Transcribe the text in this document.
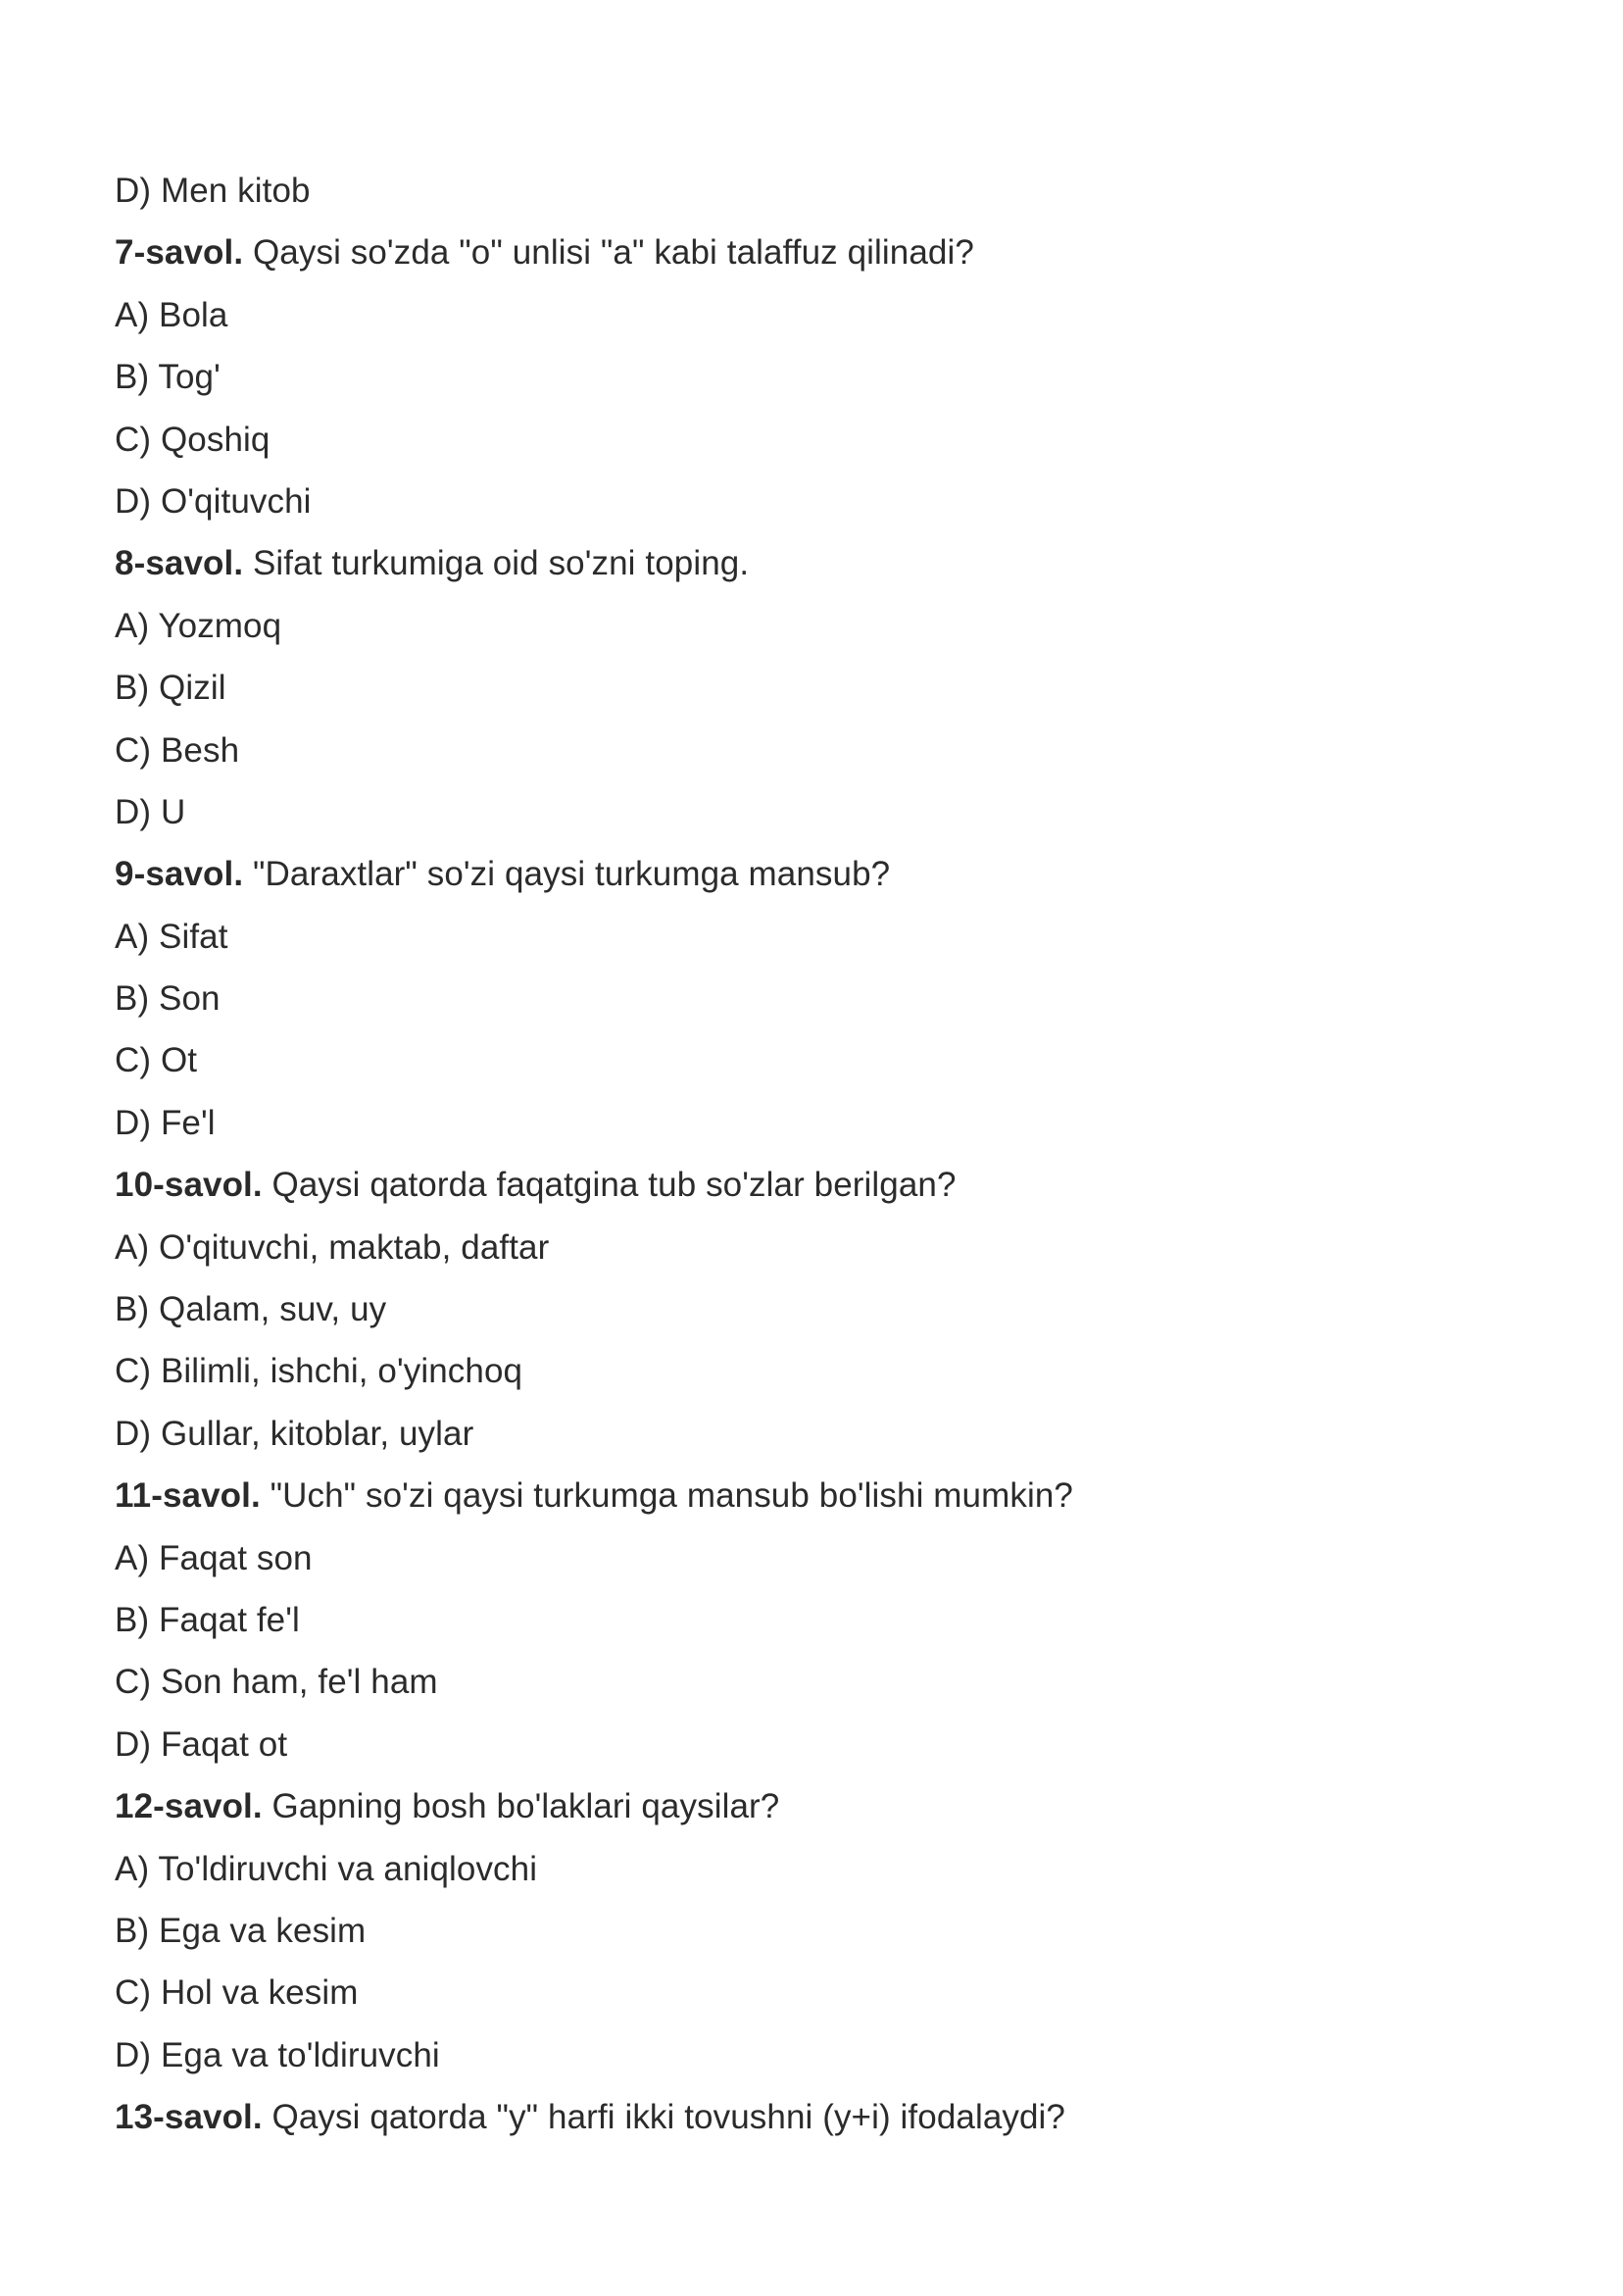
D) Men kitob
7-savol. Qaysi so'zda "o" unlisi "a" kabi talaffuz qilinadi?
A) Bola
B) Tog'
C) Qoshiq
D) O'qituvchi
8-savol. Sifat turkumiga oid so'zni toping.
A) Yozmoq
B) Qizil
C) Besh
D) U
9-savol. "Daraxtlar" so'zi qaysi turkumga mansub?
A) Sifat
B) Son
C) Ot
D) Fe'l
10-savol. Qaysi qatorda faqatgina tub so'zlar berilgan?
A) O'qituvchi, maktab, daftar
B) Qalam, suv, uy
C) Bilimli, ishchi, o'yinchoq
D) Gullar, kitoblar, uylar
11-savol. "Uch" so'zi qaysi turkumga mansub bo'lishi mumkin?
A) Faqat son
B) Faqat fe'l
C) Son ham, fe'l ham
D) Faqat ot
12-savol. Gapning bosh bo'laklari qaysilar?
A) To'ldiruvchi va aniqlovchi
B) Ega va kesim
C) Hol va kesim
D) Ega va to'ldiruvchi
13-savol. Qaysi qatorda "y" harfi ikki tovushni (y+i) ifodalaydi?
